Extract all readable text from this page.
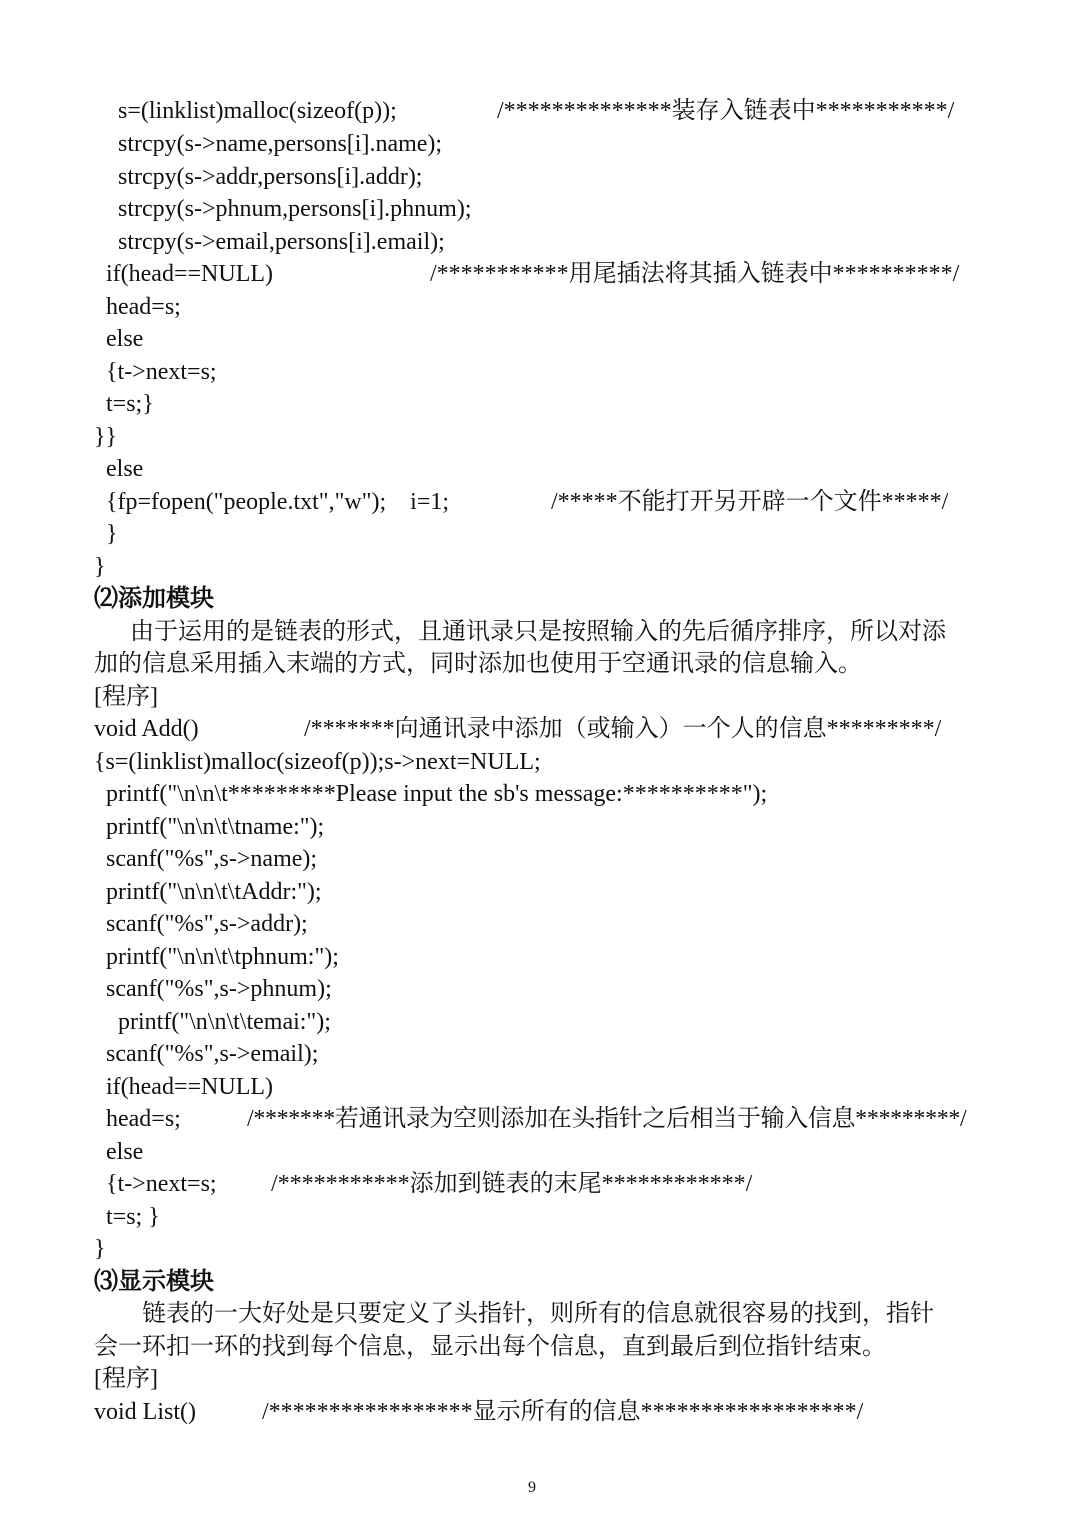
s=(linklist)malloc(sizeof(p));	/**************装存入链表中***********/
strcpy(s->name,persons[i].name);
strcpy(s->addr,persons[i].addr);
strcpy(s->phnum,persons[i].phnum);
strcpy(s->email,persons[i].email);
if(head==NULL)	/***********用尾插法将其插入链表中**********/
head=s;
else
{t->next=s;
t=s;}
}}
else
{fp=fopen("people.txt","w");    i=1;	/*****不能打开另开辟一个文件*****/
}
}
⑵添加模块
由于运用的是链表的形式，且通讯录只是按照输入的先后循序排序，所以对添
加的信息采用插入末端的方式，同时添加也使用于空通讯录的信息输入。
[程序]
void Add()	/*******向通讯录中添加（或输入）一个人的信息*********/
{s=(linklist)malloc(sizeof(p));s->next=NULL;
printf("\n\n\t*********Please input the sb's message:**********");
printf("\n\n\t\tname:");
scanf("%s",s->name);
printf("\n\n\t\tAddr:");
scanf("%s",s->addr);
printf("\n\n\t\tphnum:");
scanf("%s",s->phnum);
printf("\n\n\t\temai:");
scanf("%s",s->email);
if(head==NULL)
head=s;	/*******若通讯录为空则添加在头指针之后相当于输入信息*********/
else
{t->next=s; /***********添加到链表的末尾************/
t=s; }
}
⑶显示模块
链表的一大好处是只要定义了头指针，则所有的信息就很容易的找到，指针
会一环扣一环的找到每个信息，显示出每个信息，直到最后到位指针结束。
[程序]
void List()	/*****************显示所有的信息******************/
9
